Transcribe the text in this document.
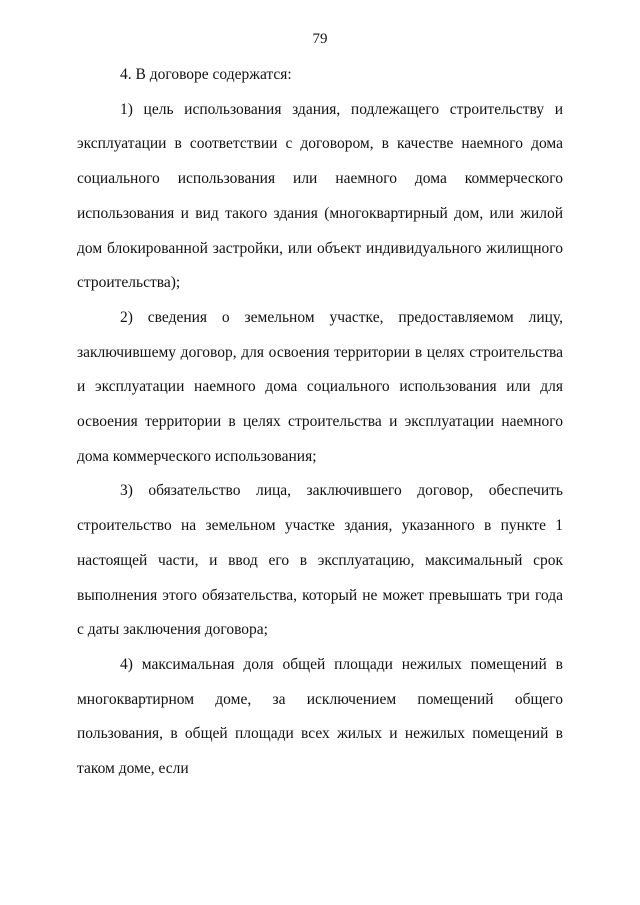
79

4. В договоре содержатся:

1) цель использования здания, подлежащего строительству и эксплуатации в соответствии с договором, в качестве наемного дома социального использования или наемного дома коммерческого использования и вид такого здания (многоквартирный дом, или жилой дом блокированной застройки, или объект индивидуального жилищного строительства);

2) сведения о земельном участке, предоставляемом лицу, заключившему договор, для освоения территории в целях строительства и эксплуатации наемного дома социального использования или для освоения территории в целях строительства и эксплуатации наемного дома коммерческого использования;

3) обязательство лица, заключившего договор, обеспечить строительство на земельном участке здания, указанного в пункте 1 настоящей части, и ввод его в эксплуатацию, максимальный срок выполнения этого обязательства, который не может превышать три года с даты заключения договора;

4) максимальная доля общей площади нежилых помещений в многоквартирном доме, за исключением помещений общего пользования, в общей площади всех жилых и нежилых помещений в таком доме, если
